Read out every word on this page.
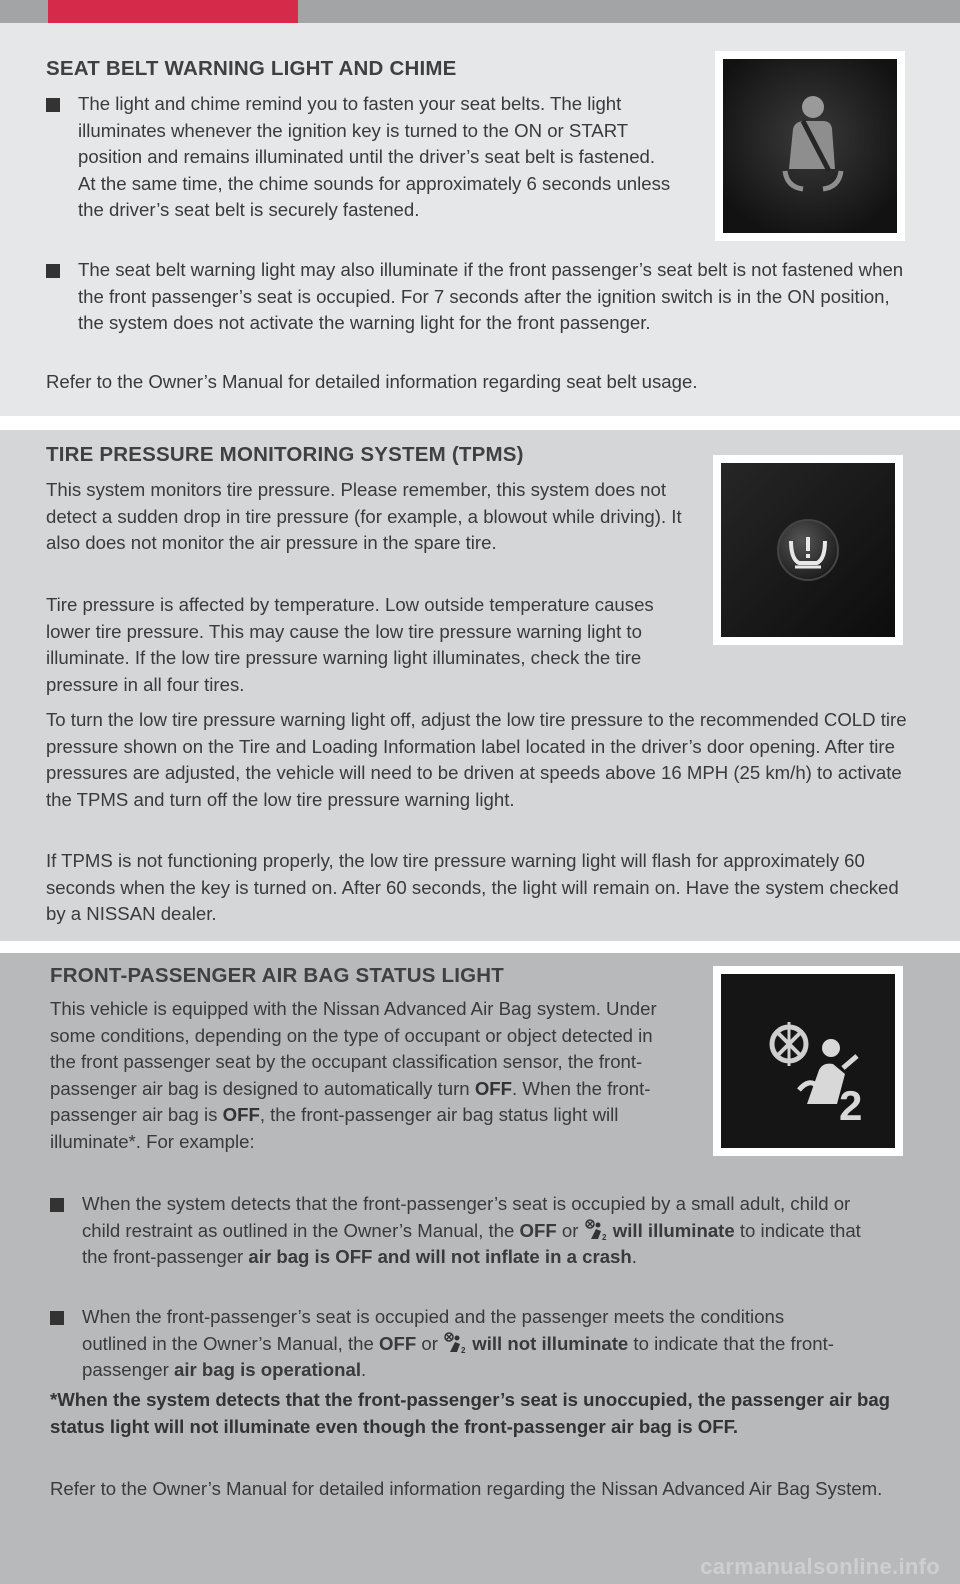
SEAT BELT WARNING LIGHT AND CHIME
The light and chime remind you to fasten your seat belts. The light illuminates whenever the ignition key is turned to the ON or START position and remains illuminated until the driver’s seat belt is fastened. At the same time, the chime sounds for approximately 6 seconds unless the driver’s seat belt is securely fastened.
The seat belt warning light may also illuminate if the front passenger’s seat belt is not fastened when the front passenger’s seat is occupied. For 7 seconds after the ignition switch is in the ON position, the system does not activate the warning light for the front passenger.

Refer to the Owner’s Manual for detailed information regarding seat belt usage.

TIRE PRESSURE MONITORING SYSTEM (TPMS)

This system monitors tire pressure. Please remember, this system does not detect a sudden drop in tire pressure (for example, a blowout while driving). It also does not monitor the air pressure in the spare tire.

Tire pressure is affected by temperature. Low outside temperature causes lower tire pressure. This may cause the low tire pressure warning light to illuminate. If the low tire pressure warning light illuminates, check the tire pressure in all four tires.

To turn the low tire pressure warning light off, adjust the low tire pressure to the recommended COLD tire pressure shown on the Tire and Loading Information label located in the driver’s door opening. After tire pressures are adjusted, the vehicle will need to be driven at speeds above 16 MPH (25 km/h) to activate the TPMS and turn off the low tire pressure warning light.

If TPMS is not functioning properly, the low tire pressure warning light will flash for approximately 60 seconds when the key is turned on. After 60 seconds, the light will remain on. Have the system checked by a NISSAN dealer.

FRONT-PASSENGER AIR BAG STATUS LIGHT

This vehicle is equipped with the Nissan Advanced Air Bag system. Under some conditions, depending on the type of occupant or object detected in the front passenger seat by the occupant classification sensor, the front-passenger air bag is designed to automatically turn OFF. When the front-passenger air bag is OFF, the front-passenger air bag status light will illuminate*. For example:

When the system detects that the front-passenger’s seat is occupied by a small adult, child or child restraint as outlined in the Owner’s Manual, the OFF or	2 will illuminate to indicate that the front-passenger air bag is OFF and will not inflate in a crash.
When the front-passenger’s seat is occupied and the passenger meets the conditions outlined in the Owner’s Manual, the OFF or	2 will not illuminate to indicate that the front-passenger air bag is operational.

*When the system detects that the front-passenger’s seat is unoccupied, the passenger air bag status light will not illuminate even though the front-passenger air bag is OFF.

Refer to the Owner’s Manual for detailed information regarding the Nissan Advanced Air Bag System.

2
carmanualsonline.info
